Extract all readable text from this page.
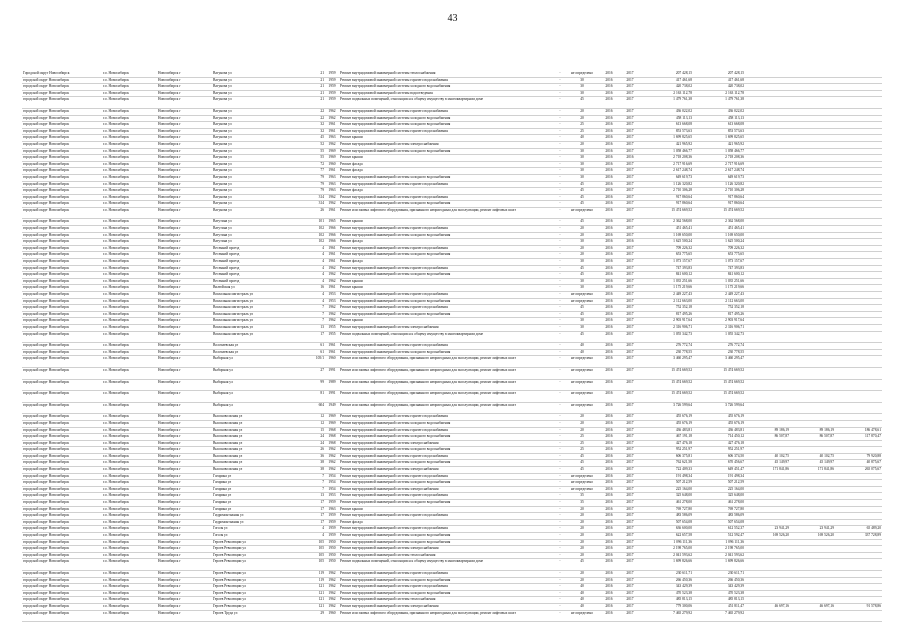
43
Городской округ Новосибирск	г.о. Новосибирск	Новосибирск г	Вагунова ул	21	1959	Ремонт внутридомовой инженерной системы теплоснабжения	-	не определено	2016	2017	207 428,15	207 428,15			
городской округ Новосибирск	г.о. Новосибирск	Новосибирск г	Вагунова ул	21	1959	Ремонт внутридомовой инженерной системы горячего водоснабжения	-	30	2016	2017	417 461,68	417 461,68			
городской округ Новосибирск	г.о. Новосибирск	Новосибирск г	Вагунова ул	21	1959	Ремонт внутридомовой инженерной системы холодного водоснабжения	-	30	2016	2017	420 738,02	420 738,02			
городской округ Новосибирск	г.о. Новосибирск	Новосибирск г	Вагунова ул	21	1959	Ремонт внутридомовой инженерной системы водоотведения	-	30	2016	2017	2 163 112,78	2 163 112,78			
городской округ Новосибирск	г.о. Новосибирск	Новосибирск г	Вагунова ул	21	1959	Ремонт подвальных помещений, относящихся к общему имуществу в многоквартирном доме	-	45	2016	2017	1 479 761,38	1 479 761,38			
городской округ Новосибирск	г.о. Новосибирск	Новосибирск г	Вагунова ул	22	1962	Ремонт внутридомовой инженерной системы горячего водоснабжения	-	20	2016	2017	436 022,02	436 022,02			
городской округ Новосибирск	г.о. Новосибирск	Новосибирск г	Вагунова ул	22	1962	Ремонт внутридомовой инженерной системы холодного водоснабжения	-	20	2016	2017	458 113,13	458 113,13			
городской округ Новосибирск	г.о. Новосибирск	Новосибирск г	Вагунова ул	32	1961	Ремонт внутридомовой инженерной системы холодного водоснабжения	-	25	2016	2017	613 668,08	613 668,08			
городской округ Новосибирск	г.о. Новосибирск	Новосибирск г	Вагунова ул	32	1961	Ремонт внутридомовой инженерной системы горячего водоснабжения	-	25	2016	2017	853 573,63	853 573,63			
городской округ Новосибирск	г.о. Новосибирск	Новосибирск г	Вагунова ул	45	1963	Ремонт крыши	-	40	2016	2017	1 699 825,65	1 699 825,65			
городской округ Новосибирск	г.о. Новосибирск	Новосибирск г	Вагунова ул	52	1962	Ремонт внутридомовой инженерной системы электроснабжения	-	20	2016	2017	421 965,92	421 965,92			
городской округ Новосибирск	г.о. Новосибирск	Новосибирск г	Вагунова ул	55	1969	Ремонт внутридомовой инженерной системы холодного водоснабжения	-	30	2016	2017	1 058 466,77	1 058 466,77			
городской округ Новосибирск	г.о. Новосибирск	Новосибирск г	Вагунова ул	55	1969	Ремонт крыши	-	30	2016	2016	2 718 208,36	2 718 208,36			
городской округ Новосибирск	г.о. Новосибирск	Новосибирск г	Вагунова ул	72	1960	Ремонт фасада	-	30	2016	2017	2 717 916,69	2 717 916,69			
городской округ Новосибирск	г.о. Новосибирск	Новосибирск г	Вагунова ул	77	1961	Ремонт фасада	-	30	2016	2017	2 617 248,74	2 617 248,74			
городской округ Новосибирск	г.о. Новосибирск	Новосибирск г	Вагунова ул	79	1963	Ремонт внутридомовой инженерной системы холодного водоснабжения	-	30	2016	2017	649 619,73	649 619,73			
городской округ Новосибирск	г.о. Новосибирск	Новосибирск г	Вагунова ул	79	1963	Ремонт внутридомовой инженерной системы горячего водоснабжения	-	45	2016	2017	1 126 320,82	1 126 320,82			
городской округ Новосибирск	г.о. Новосибирск	Новосибирск г	Вагунова ул	79	1963	Ремонт фасада	-	45	2016	2017	2 710 306,28	2 710 306,28			
городской округ Новосибирск	г.о. Новосибирск	Новосибирск г	Вагунова ул	314	1962	Ремонт внутридомовой инженерной системы горячего водоснабжения	-	45	2016	2017	917 860,64	917 860,64			
городской округ Новосибирск	г.о. Новосибирск	Новосибирск г	Вагунова ул	314	1962	Ремонт внутридомовой инженерной системы холодного водоснабжения	-	45	2016	2017	917 860,64	917 860,64			
городской округ Новосибирск	г.о. Новосибирск	Новосибирск г	Вагунова ул	26	1961	Ремонт или замена лифтового оборудования, признанного непригодным для эксплуатации, ремонт лифтовых шахт	-	не определено	2016	2017	15 474 669,52	15 474 669,52			
городской округ Новосибирск	г.о. Новосибирск	Новосибирск г	Ватутина ул	101	1965	Ремонт крыши	-	45	2016	2017	2 362 568,00	2 362 568,00			
городской округ Новосибирск	г.о. Новосибирск	Новосибирск г	Ватутина ул	102	1966	Ремонт внутридомовой инженерной системы горячего водоснабжения	-	20	2016	2017	451 465,41	451 465,41			
городской округ Новосибирск	г.о. Новосибирск	Новосибирск г	Ватутина ул	102	1966	Ремонт внутридомовой инженерной системы холодного водоснабжения	-	20	2016	2017	1 169 650,00	1 169 650,00			
городской округ Новосибирск	г.о. Новосибирск	Новосибирск г	Ватутина ул	102	1966	Ремонт фасада	-	30	2016	2016	1 625 500,24	1 625 500,24			
городской округ Новосибирск	г.о. Новосибирск	Новосибирск г	Весенний проезд	4	1961	Ремонт внутридомовой инженерной системы горячего водоснабжения	-	20	2016	2017	709 226,32	709 226,32			
городской округ Новосибирск	г.о. Новосибирск	Новосибирск г	Весенний проезд	4	1961	Ремонт внутридомовой инженерной системы холодного водоснабжения	-	20	2016	2017	653 775,65	653 775,65			
городской округ Новосибирск	г.о. Новосибирск	Новосибирск г	Весенний проезд	4	1961	Ремонт фасада	-	30	2016	2017	1 073 157,67	1 073 157,67			
городской округ Новосибирск	г.о. Новосибирск	Новосибирск г	Весенний проезд	4	1962	Ремонт внутридомовой инженерной системы горячего водоснабжения	-	45	2016	2017	747 393,83	747 393,83			
городской округ Новосибирск	г.о. Новосибирск	Новосибирск г	Весенний проезд	4	1962	Ремонт внутридомовой инженерной системы холодного водоснабжения	-	45	2016	2017	841 600,12	841 600,12			
городской округ Новосибирск	г.о. Новосибирск	Новосибирск г	Весенний проезд	4	1962	Ремонт крыши	-	30	2016	2017	1 035 251,66	1 035 251,66			
городской округ Новосибирск	г.о. Новосибирск	Новосибирск г	Вилюйская ул	16	1961	Ремонт крыши	-	30	2016	2017	1 175 219,66	1 175 219,66			
городской округ Новосибирск	г.о. Новосибирск	Новосибирск г	Вокзальная магистраль ул	4	1953	Ремонт внутридомовой инженерной системы горячего водоснабжения	-	не определено	2016	2017	2 449 227,43	2 449 227,43			
городской округ Новосибирск	г.о. Новосибирск	Новосибирск г	Вокзальная магистраль ул	4	1953	Ремонт внутридомовой инженерной системы холодного водоснабжения	-	не определено	2016	2017	2 112 663,00	2 112 663,00			
городской округ Новосибирск	г.о. Новосибирск	Новосибирск г	Вокзальная магистраль ул	7	1962	Ремонт внутридомовой инженерной системы горячего водоснабжения	-	45	2016	2017	752 352,18	752 352,18			
городской округ Новосибирск	г.о. Новосибирск	Новосибирск г	Вокзальная магистраль ул	7	1962	Ремонт внутридомовой инженерной системы холодного водоснабжения	-	45	2016	2017	817 495,26	817 495,26			
городской округ Новосибирск	г.о. Новосибирск	Новосибирск г	Вокзальная магистраль ул	7	1962	Ремонт крыши	-	30	2016	2017	2 903 917,64	2 903 917,64			
городской округ Новосибирск	г.о. Новосибирск	Новосибирск г	Вокзальная магистраль ул	13	1955	Ремонт внутридомовой инженерной системы электроснабжения	-	30	2016	2017	2 316 906,71	2 316 906,71			
городской округ Новосибирск	г.о. Новосибирск	Новосибирск г	Вокзальная магистраль ул	17	1955	Ремонт подвальных помещений, относящихся к общему имуществу в многоквартирном доме	-	45	2016	2017	1 055 342,73	1 055 342,73			
городской округ Новосибирск	г.о. Новосибирск	Новосибирск г	Волочаевская ул	61	1961	Ремонт внутридомовой инженерной системы горячего водоснабжения	-	40	2016	2017	276 772,74	276 772,74			
городской округ Новосибирск	г.о. Новосибирск	Новосибирск г	Волочаевская ул	61	1961	Ремонт внутридомовой инженерной системы холодного водоснабжения	-	40	2016	2017	230 778,55	230 778,55			
городской округ Новосибирск	г.о. Новосибирск	Новосибирск г	Выборная ул	105/1	1960	Ремонт или замена лифтового оборудования, признанного непригодным для эксплуатации, ремонт лифтовых шахт	-	не определено	2016	2017	3 460 295,47	3 460 295,47			
городской округ Новосибирск	г.о. Новосибирск	Новосибирск г	Выборная ул	27	1991	Ремонт или замена лифтового оборудования, признанного непригодным для эксплуатации, ремонт лифтовых шахт	-	не определено	2016	2017	15 474 669,52	15 474 669,52			
городской округ Новосибирск	г.о. Новосибирск	Новосибирск г	Выборная ул	99	1989	Ремонт или замена лифтового оборудования, признанного непригодным для эксплуатации, ремонт лифтовых шахт	-	не определено	2016	2017	15 474 669,52	15 474 669,52			
городской округ Новосибирск	г.о. Новосибирск	Новосибирск г	Выборная ул	81	1991	Ремонт или замена лифтового оборудования, признанного непригодным для эксплуатации, ремонт лифтовых шахт	-	не определено	2016	2017	15 474 669,52	15 474 669,52			
городской округ Новосибирск	г.о. Новосибирск	Новосибирск г	Выборная ул	604	1949	Ремонт или замена лифтового оборудования, признанного непригодным для эксплуатации, ремонт лифтовых шахт	-	не определено	2016	2017	3 726 599,64	3 726 599,64			
городской округ Новосибирск	г.о. Новосибирск	Новосибирск г	Высоковольтная ул	12	1969	Ремонт внутридомовой инженерной системы горячего водоснабжения	-	20	2016	2017	455 676,19	455 676,19			
городской округ Новосибирск	г.о. Новосибирск	Новосибирск г	Высоковольтная ул	12	1969	Ремонт внутридомовой инженерной системы холодного водоснабжения	-	20	2016	2017	455 676,19	455 676,19			
городской округ Новосибирск	г.о. Новосибирск	Новосибирск г	Высоковольтная ул	15	1968	Ремонт внутридомовой инженерной системы горячего водоснабжения	-	20	2016	2017	436 483,81	436 483,81	89 186,19	89 186,19	186 478,61
городской округ Новосибирск	г.о. Новосибирск	Новосибирск г	Высоковольтная ул	24	1968	Ремонт внутридомовой инженерной системы холодного водоснабжения	-	25	2016	2017	467 191,18	714 450,12	86 507,87	86 507,87	117 870,47
городской округ Новосибирск	г.о. Новосибирск	Новосибирск г	Высоковольтная ул	24	1968	Ремонт внутридомовой инженерной системы электроснабжения	-	25	2016	2017	427 476,18	427 476,18			
городской округ Новосибирск	г.о. Новосибирск	Новосибирск г	Высоковольтная ул	26	1962	Ремонт внутридомовой инженерной системы холодного водоснабжения	-	25	2016	2017	952 251,97	952 251,97			
городской округ Новосибирск	г.о. Новосибирск	Новосибирск г	Высоковольтная ул	36	1962	Ремонт внутридомовой инженерной системы горячего водоснабжения	-	45	2016	2017	606 375,81	606 374,50	40 102,75	40 102,75	79 920,88
городской округ Новосибирск	г.о. Новосибирск	Новосибирск г	Высоковольтная ул	38	1962	Ремонт внутридомовой инженерной системы холодного водоснабжения	-	45	2016	2017	762 621,58	670 456,67	45 149,97	45 149,97	40 875,67
городской округ Новосибирск	г.о. Новосибирск	Новосибирск г	Высоковольтная ул	38	1962	Ремонт внутридомовой инженерной системы электроснабжения	-	45	2016	2017	722 409,33	649 451,47	171 841,86	171 841,86	265 075,67
городской округ Новосибирск	г.о. Новосибирск	Новосибирск г	Гагарина ул	7	1954	Ремонт внутридомовой инженерной системы горячего водоснабжения	-	не определено	2016	2017	191 498,34	191 498,34			
городской округ Новосибирск	г.о. Новосибирск	Новосибирск г	Гагарина ул	7	1954	Ремонт внутридомовой инженерной системы холодного водоснабжения	-	не определено	2016	2017	507 212,59	507 212,59			
городской округ Новосибирск	г.о. Новосибирск	Новосибирск г	Гагарина ул	7	1954	Ремонт внутридомовой инженерной системы электроснабжения	-	не определено	2016	2017	225 164,00	225 164,00			
городской округ Новосибирск	г.о. Новосибирск	Новосибирск г	Гагарина ул	13	1953	Ремонт внутридомовой инженерной системы горячего водоснабжения	-	35	2016	2017	325 648,00	325 648,00			
городской округ Новосибирск	г.о. Новосибирск	Новосибирск г	Гагарина ул	17	1959	Ремонт внутридомовой инженерной системы холодного водоснабжения	-	35	2016	2017	461 278,00	461 278,00			
городской округ Новосибирск	г.о. Новосибирск	Новосибирск г	Гагарина ул	17	1963	Ремонт крыши	-	20	2016	2017	769 727,80	769 727,80			
городской округ Новосибирск	г.о. Новосибирск	Новосибирск г	Гидромонтажная ул	17	1959	Ремонт внутридомовой инженерной системы горячего водоснабжения	-	20	2016	2017	483 586,09	483 586,09			
городской округ Новосибирск	г.о. Новосибирск	Новосибирск г	Гидромонтажная ул	17	1959	Ремонт фасада	-	20	2016	2017	507 654,08	507 654,08			
городской округ Новосибирск	г.о. Новосибирск	Новосибирск г	Гоголя ул	4	1959	Ремонт внутридомовой инженерной системы горячего водоснабжения	-	20	2016	2017	636 600,00	612 552,37	23 941,29	23 941,29	65 489,20
городской округ Новосибирск	г.о. Новосибирск	Новосибирск г	Гоголя ул	4	1959	Ремонт внутридомовой инженерной системы холодного водоснабжения	-	20	2016	2017	622 657,58	512 592,47	169 526,20	169 526,20	337 728,89
городской округ Новосибирск	г.о. Новосибирск	Новосибирск г	Героев Революции ул	105	1950	Ремонт внутридомовой инженерной системы холодного водоснабжения	-	20	2016	2017	1 096 111,36	1 096 111,36			
городской округ Новосибирск	г.о. Новосибирск	Новосибирск г	Героев Революции ул	105	1950	Ремонт внутридомовой инженерной системы электроснабжения	-	20	2016	2017	2 198 765,00	2 198 765,00			
городской округ Новосибирск	г.о. Новосибирск	Новосибирск г	Героев Революции ул	105	1950	Ремонт внутридомовой инженерной системы теплоснабжения	-	20	2016	2017	2 041 593,62	2 041 593,62			
городской округ Новосибирск	г.о. Новосибирск	Новосибирск г	Героев Революции ул	105	1950	Ремонт подвальных помещений, относящихся к общему имуществу в многоквартирном доме	-	45	2016	2017	1 699 826,66	1 699 826,66			
городской округ Новосибирск	г.о. Новосибирск	Новосибирск г	Героев Революции ул	119	1962	Ремонт внутридомовой инженерной системы горячего водоснабжения	-	20	2016	2017	230 611,71	230 611,71			
городской округ Новосибирск	г.о. Новосибирск	Новосибирск г	Героев Революции ул	119	1962	Ремонт внутридомовой инженерной системы холодного водоснабжения	-	20	2016	2017	266 450,36	266 450,36			
городской округ Новосибирск	г.о. Новосибирск	Новосибирск г	Героев Революции ул	121	1962	Ремонт внутридомовой инженерной системы горячего водоснабжения	-	40	2016	2017	343 429,39	343 429,39			
городской округ Новосибирск	г.о. Новосибирск	Новосибирск г	Героев Революции ул	121	1962	Ремонт внутридомовой инженерной системы холодного водоснабжения	-	40	2016	2017	470 523,38	470 523,38			
городской округ Новосибирск	г.о. Новосибирск	Новосибирск г	Героев Революции ул	121	1962	Ремонт внутридомовой инженерной системы теплоснабжения	-	40	2016	2017	485 813,15	485 813,15			
городской округ Новосибирск	г.о. Новосибирск	Новосибирск г	Героев Революции ул	121	1962	Ремонт внутридомовой инженерной системы электроснабжения	-	40	2016	2017	779 300,06	451 811,47	46 697,16	46 697,16	91 578,86
городской округ Новосибирск	г.о. Новосибирск	Новосибирск г	Героев Труда ул	29	1960	Ремонт или замена лифтового оборудования, признанного непригодным для эксплуатации, ремонт лифтовых шахт	-	не определено	2016	2017	7 465 279,92	7 465 279,92			
